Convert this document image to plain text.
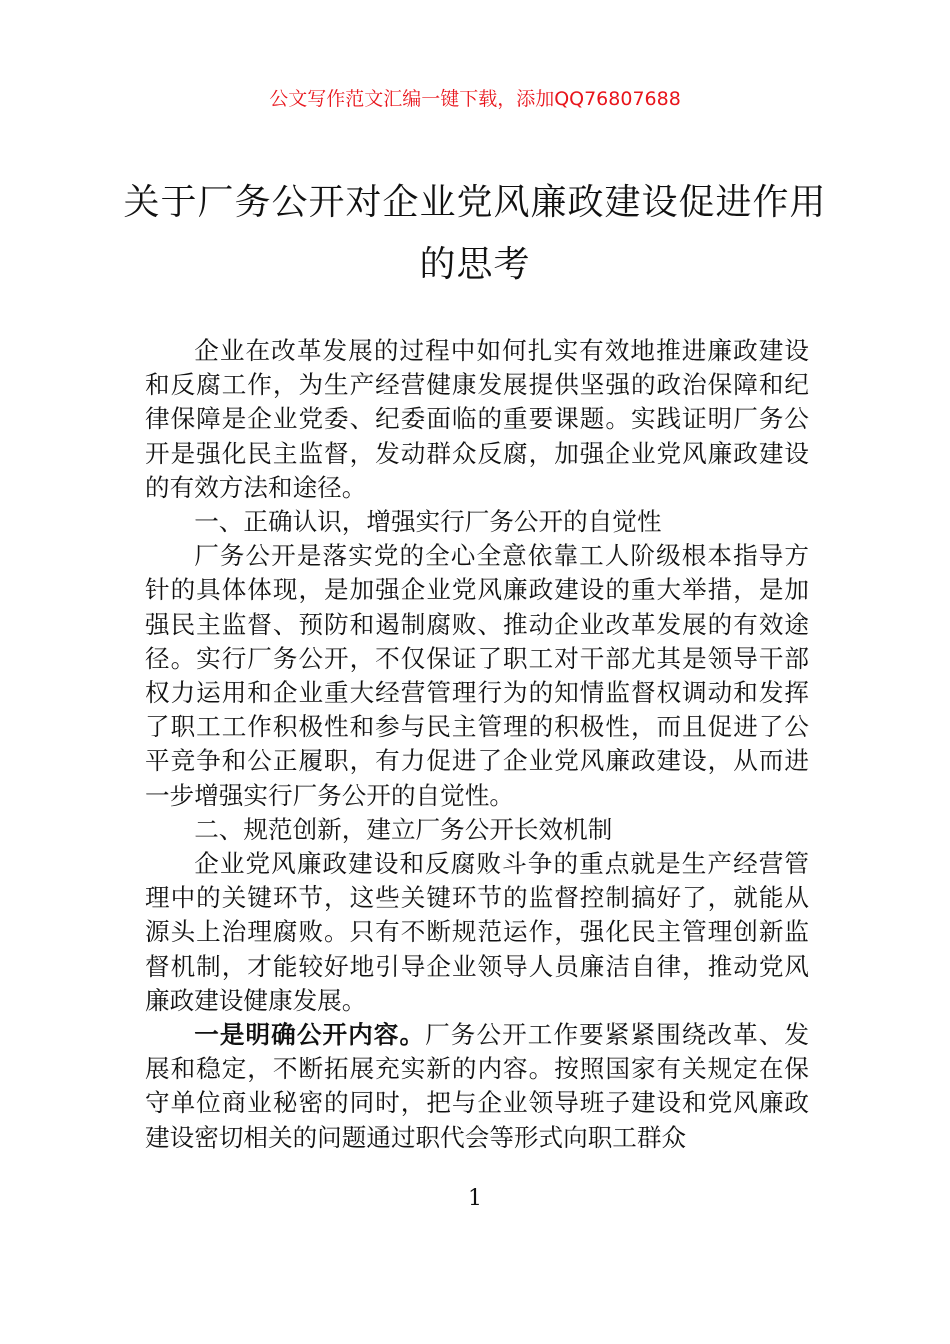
公文写作范文汇编一键下载，添加QQ76807688
关于厂务公开对企业党风廉政建设促进作用的思考

企业在改革发展的过程中如何扎实有效地推进廉政建设和反腐工作，为生产经营健康发展提供坚强的政治保障和纪律保障是企业党委、纪委面临的重要课题。实践证明厂务公开是强化民主监督，发动群众反腐，加强企业党风廉政建设的有效方法和途径。

一、正确认识，增强实行厂务公开的自觉性

厂务公开是落实党的全心全意依靠工人阶级根本指导方针的具体体现，是加强企业党风廉政建设的重大举措，是加强民主监督、预防和遏制腐败、推动企业改革发展的有效途径。实行厂务公开，不仅保证了职工对干部尤其是领导干部权力运用和企业重大经营管理行为的知情监督权调动和发挥了职工工作积极性和参与民主管理的积极性，而且促进了公平竞争和公正履职，有力促进了企业党风廉政建设，从而进一步增强实行厂务公开的自觉性。

二、规范创新，建立厂务公开长效机制

企业党风廉政建设和反腐败斗争的重点就是生产经营管理中的关键环节，这些关键环节的监督控制搞好了，就能从源头上治理腐败。只有不断规范运作，强化民主管理创新监督机制，才能较好地引导企业领导人员廉洁自律，推动党风廉政建设健康发展。

一是明确公开内容。厂务公开工作要紧紧围绕改革、发展和稳定，不断拓展充实新的内容。按照国家有关规定在保守单位商业秘密的同时，把与企业领导班子建设和党风廉政建设密切相关的问题通过职代会等形式向职工群众

1
